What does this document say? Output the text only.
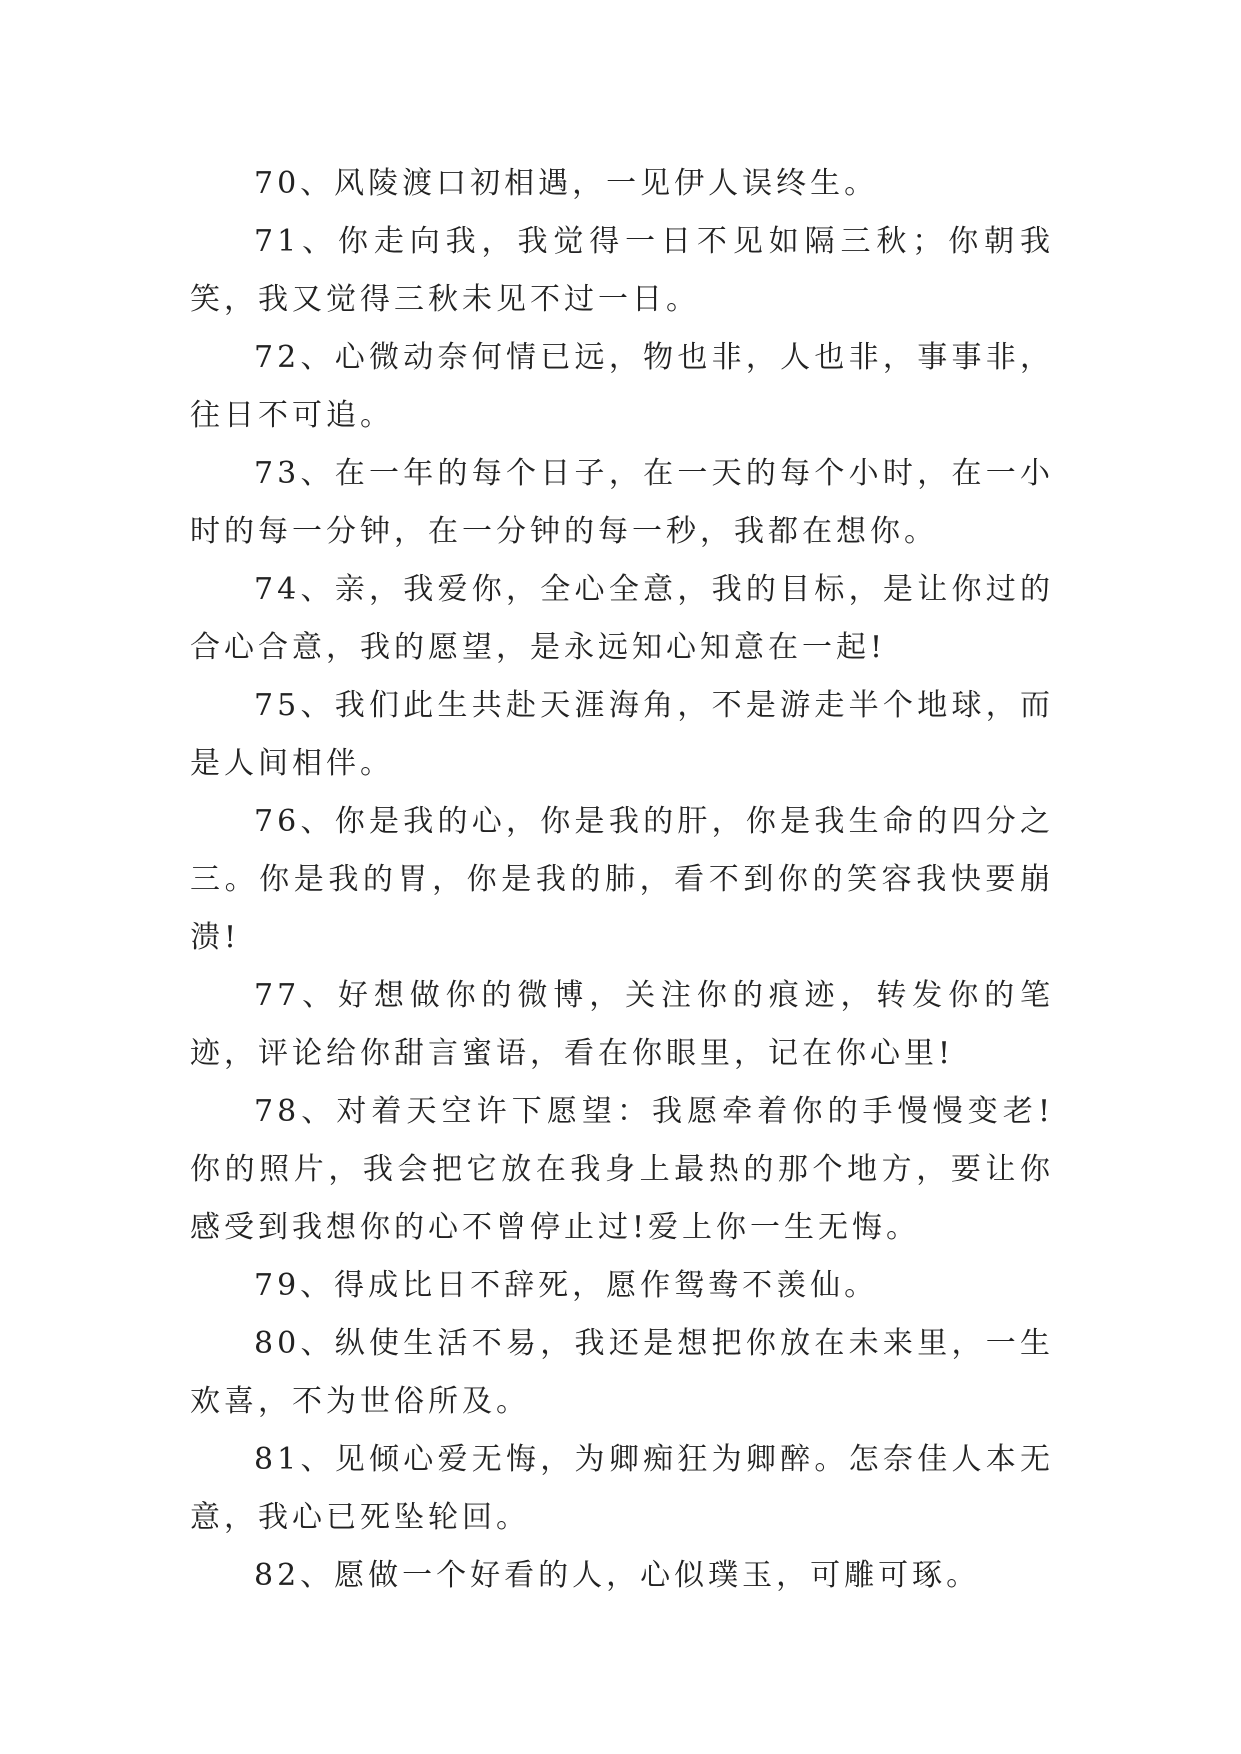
70、风陵渡口初相遇，一见伊人误终生。

71、你走向我，我觉得一日不见如隔三秋；你朝我笑，我又觉得三秋未见不过一日。

72、心微动奈何情已远，物也非，人也非，事事非，往日不可追。

73、在一年的每个日子，在一天的每个小时，在一小时的每一分钟，在一分钟的每一秒，我都在想你。

74、亲，我爱你，全心全意，我的目标，是让你过的合心合意，我的愿望，是永远知心知意在一起!

75、我们此生共赴天涯海角，不是游走半个地球，而是人间相伴。

76、你是我的心，你是我的肝，你是我生命的四分之三。你是我的胃，你是我的肺，看不到你的笑容我快要崩溃!

77、好想做你的微博，关注你的痕迹，转发你的笔迹，评论给你甜言蜜语，看在你眼里，记在你心里!

78、对着天空许下愿望：我愿牵着你的手慢慢变老!你的照片，我会把它放在我身上最热的那个地方，要让你感受到我想你的心不曾停止过!爱上你一生无悔。

79、得成比日不辞死，愿作鸳鸯不羡仙。

80、纵使生活不易，我还是想把你放在未来里，一生欢喜，不为世俗所及。

81、见倾心爱无悔，为卿痴狂为卿醉。怎奈佳人本无意，我心已死坠轮回。

82、愿做一个好看的人，心似璞玉，可雕可琢。
